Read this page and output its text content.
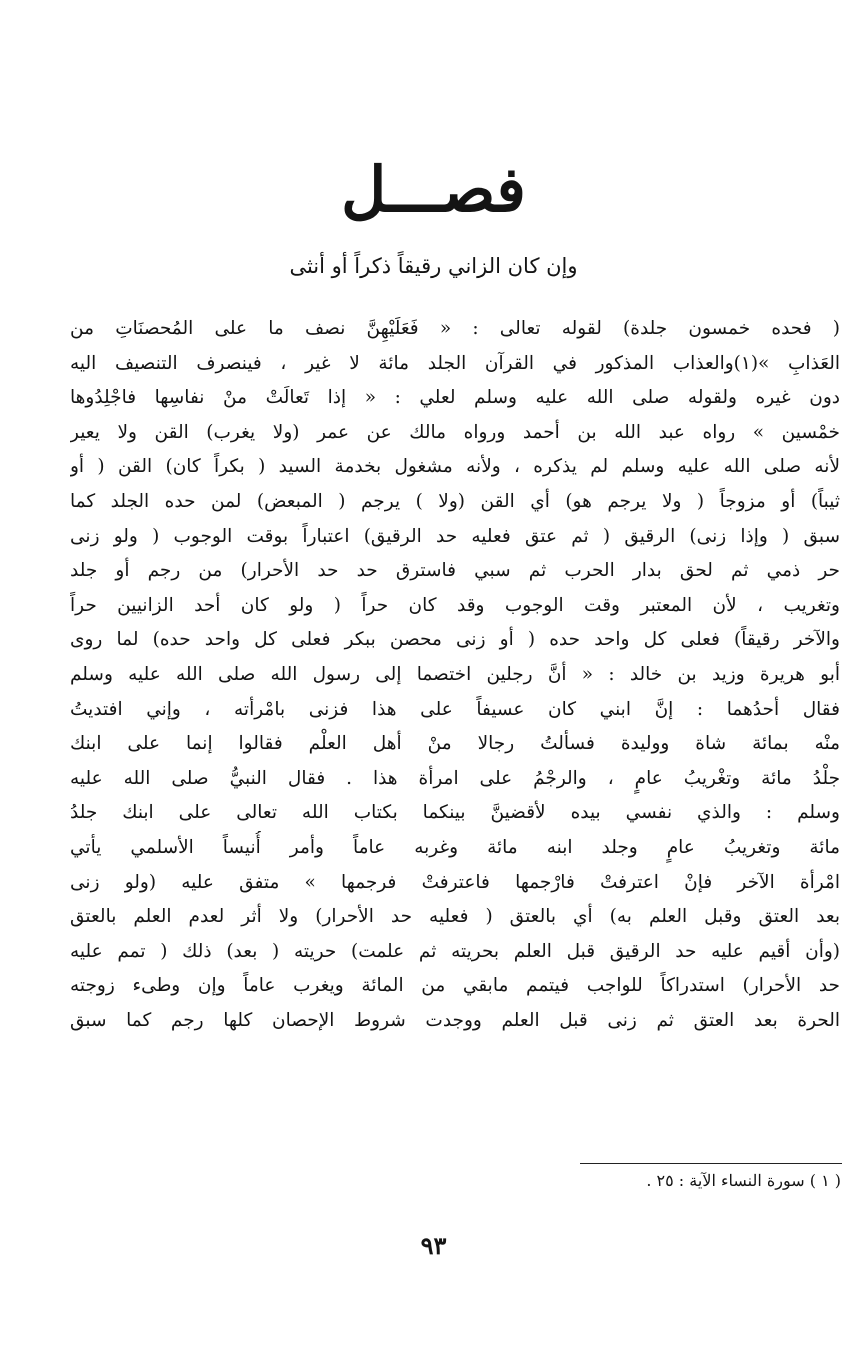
فصـــل
وإن كان الزاني رقيقاً ذكراً أو أنثى
( فحده خمسون جلدة) لقوله تعالى : « فَعَلَيْهِنَّ نصف ما على المُحصنَاتِ من
العَذابِ »(١)والعذاب المذكور في القرآن الجلد مائة لا غير ، فينصرف التنصيف اليه
دون غيره ولقوله صلى الله عليه وسلم لعلي : « إذا تَعالَتْ منْ نفاسِها فاجْلِدُوها
خمْسين » رواه عبد الله بن أحمد ورواه مالك عن عمر (ولا يغرب) القن ولا يعير
لأنه صلى الله عليه وسلم لم يذكره ، ولأنه مشغول بخدمة السيد ( بكراً كان) القن ( أو
ثيباً) أو مزوجاً ( ولا يرجم هو) أي القن (ولا ) يرجم ( المبعض) لمن حده الجلد كما
سبق ( وإذا زنى) الرقيق ( ثم عتق فعليه حد الرقيق) اعتباراً بوقت الوجوب ( ولو زنى
حر ذمي ثم لحق بدار الحرب ثم سبي فاسترق حد حد الأحرار) من رجم أو جلد
وتغريب ، لأن المعتبر وقت الوجوب وقد كان حراً ( ولو كان أحد الزانيين حراً
والآخر رقيقاً) فعلى كل واحد حده ( أو زنى محصن ببكر فعلى كل واحد حده) لما روى
أبو هريرة وزيد بن خالد : « أنَّ رجلين اختصما إلى رسول الله صلى الله عليه وسلم
فقال أحدُهما : إنَّ ابني كان عسيفاً على هذا فزنى بامْرأته ، وإني افتديتُ
منْه بمائة شاة ووليدة فسألتُ رجالا منْ أهل العلْم فقالوا إنما على ابنك
جلْدُ مائة وتغْريبُ عامٍ ، والرجْمُ على امرأة هذا . فقال النبيُّ صلى الله عليه
وسلم : والذي نفسي بيده لأقضينَّ بينكما بكتاب الله تعالى على ابنك جلدُ
مائة وتغريبُ عامٍ وجلد ابنه مائة وغربه عاماً وأمر أُنيساً الأسلمي يأتي
امْرأة الآخر فإنْ اعترفتْ فارْجمها فاعترفتْ فرجمها » متفق عليه (ولو زنى
بعد العتق وقبل العلم به) أي بالعتق ( فعليه حد الأحرار) ولا أثر لعدم العلم بالعتق
(وأن أقيم عليه حد الرقيق قبل العلم بحريته ثم علمت) حريته ( بعد) ذلك ( تمم عليه
حد الأحرار) استدراكاً للواجب فيتمم مابقي من المائة ويغرب عاماً وإن وطىء زوجته
الحرة بعد العتق ثم زنى قبل العلم ووجدت شروط الإحصان كلها رجم كما سبق
( ١ ) سورة النساء الآية : ٢٥ .
٩٣
